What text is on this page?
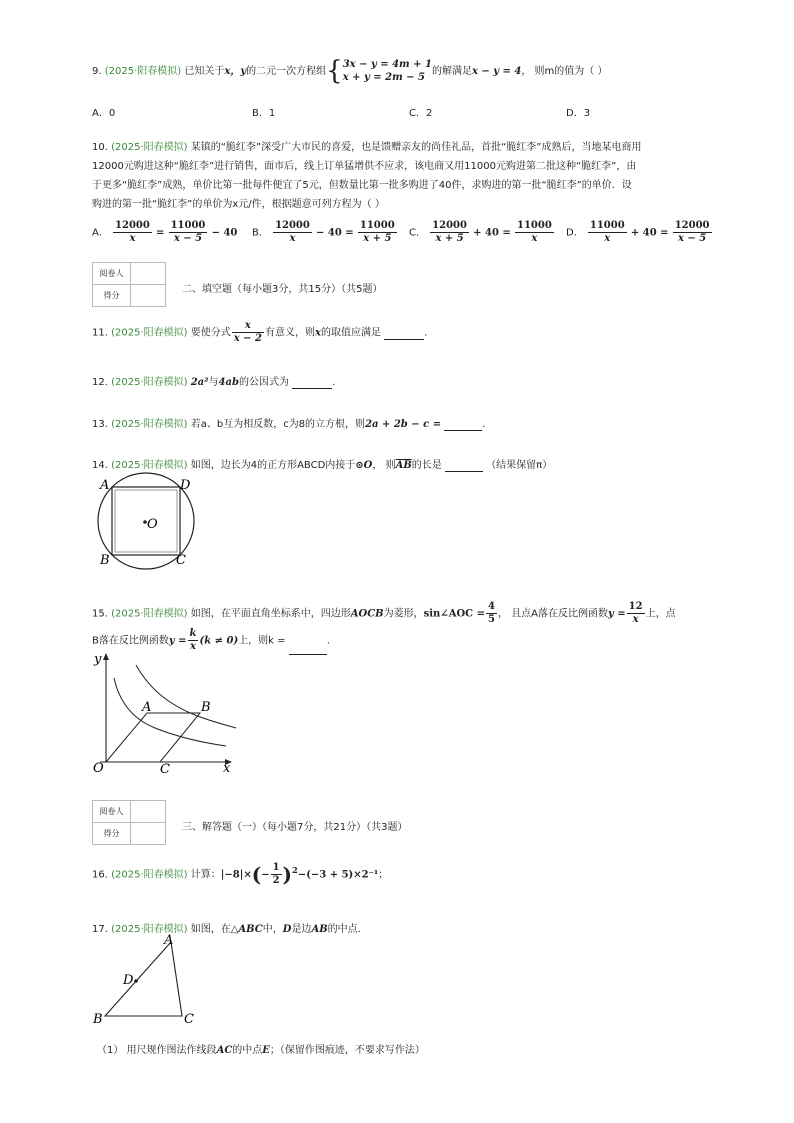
9. (2025·阳春模拟) 已知关于x，y的二元一次方程组{ 3x − y = 4m + 1
x + y = 2m − 5
的解满足x − y = 4， 则m的值为（ ）
A．0	B．1	C．2	D．3
10. (2025·阳春模拟) 某镇的“脆红李”深受广大市民的喜爱，也是馈赠亲友的尚佳礼品，首批“脆红李”成熟后，当地某电商用
12000元购进这种“脆红李”进行销售，面市后，线上订单猛增供不应求，该电商又用11000元购进第二批这种“脆红李”，由
于更多“脆红李”成熟，单价比第一批每件便宜了5元，但数量比第一批多购进了40件，求购进的第一批“脆红李”的单价．设
购进的第一批“脆红李”的单价为x元/件，根据题意可列方程为（ ）
A． $\frac{12000}{x} = \frac{11000}{x - 5} - 40$ B． $\frac{12000}{x} - 40 = \frac{11000}{x + 5}$ C． $\frac{12000}{x + 5} + 40 = \frac{11000}{x}$ D． $\frac{11000}{x} + 40 = \frac{12000}{x - 5}$
阅卷人	
得分	
二、填空题（每小题3分，共15分）（共5题）
11. (2025·阳春模拟) 要使分式 $\frac{x}{x - 2}$ 有意义，则x的取值应满足	.
12. (2025·阳春模拟) 2a²与4ab的公因式为	.
13. (2025·阳春模拟) 若a、b互为相反数，c为8的立方根，则2a + 2b − c =	.
14. (2025·阳春模拟) 如图，边长为4的正方形ABCD内接于⊙O， 则$\overline{AB}$的长是	（结果保留π）
A	D
B	C
O
15. (2025·阳春模拟) 如图，在平面直角坐标系中，四边形AOCB为菱形，sin∠AOC = $\frac{4}{5}$ ， 且点A落在反比例函数$y = \frac{12}{x}$ 上，点
B落在反比例函数$y = \frac{k}{x} (k \ne 0)$上，则k =	.
y
x
O
A	B
C
阅卷人	
得分	
三、解答题（一）（每小题7分，共21分）（共3题）
16. (2025·阳春模拟) 计算：$|-8|\times(- \frac{1}{2} )^2-(-3 + 5)\times 2^{-1}$；
17. (2025·阳春模拟) 如图，在△ABC中，D是边AB的中点.
A
B	C
D
（1） 用尺规作图法作线段AC的中点E；（保留作图痕迹，不要求写作法）
